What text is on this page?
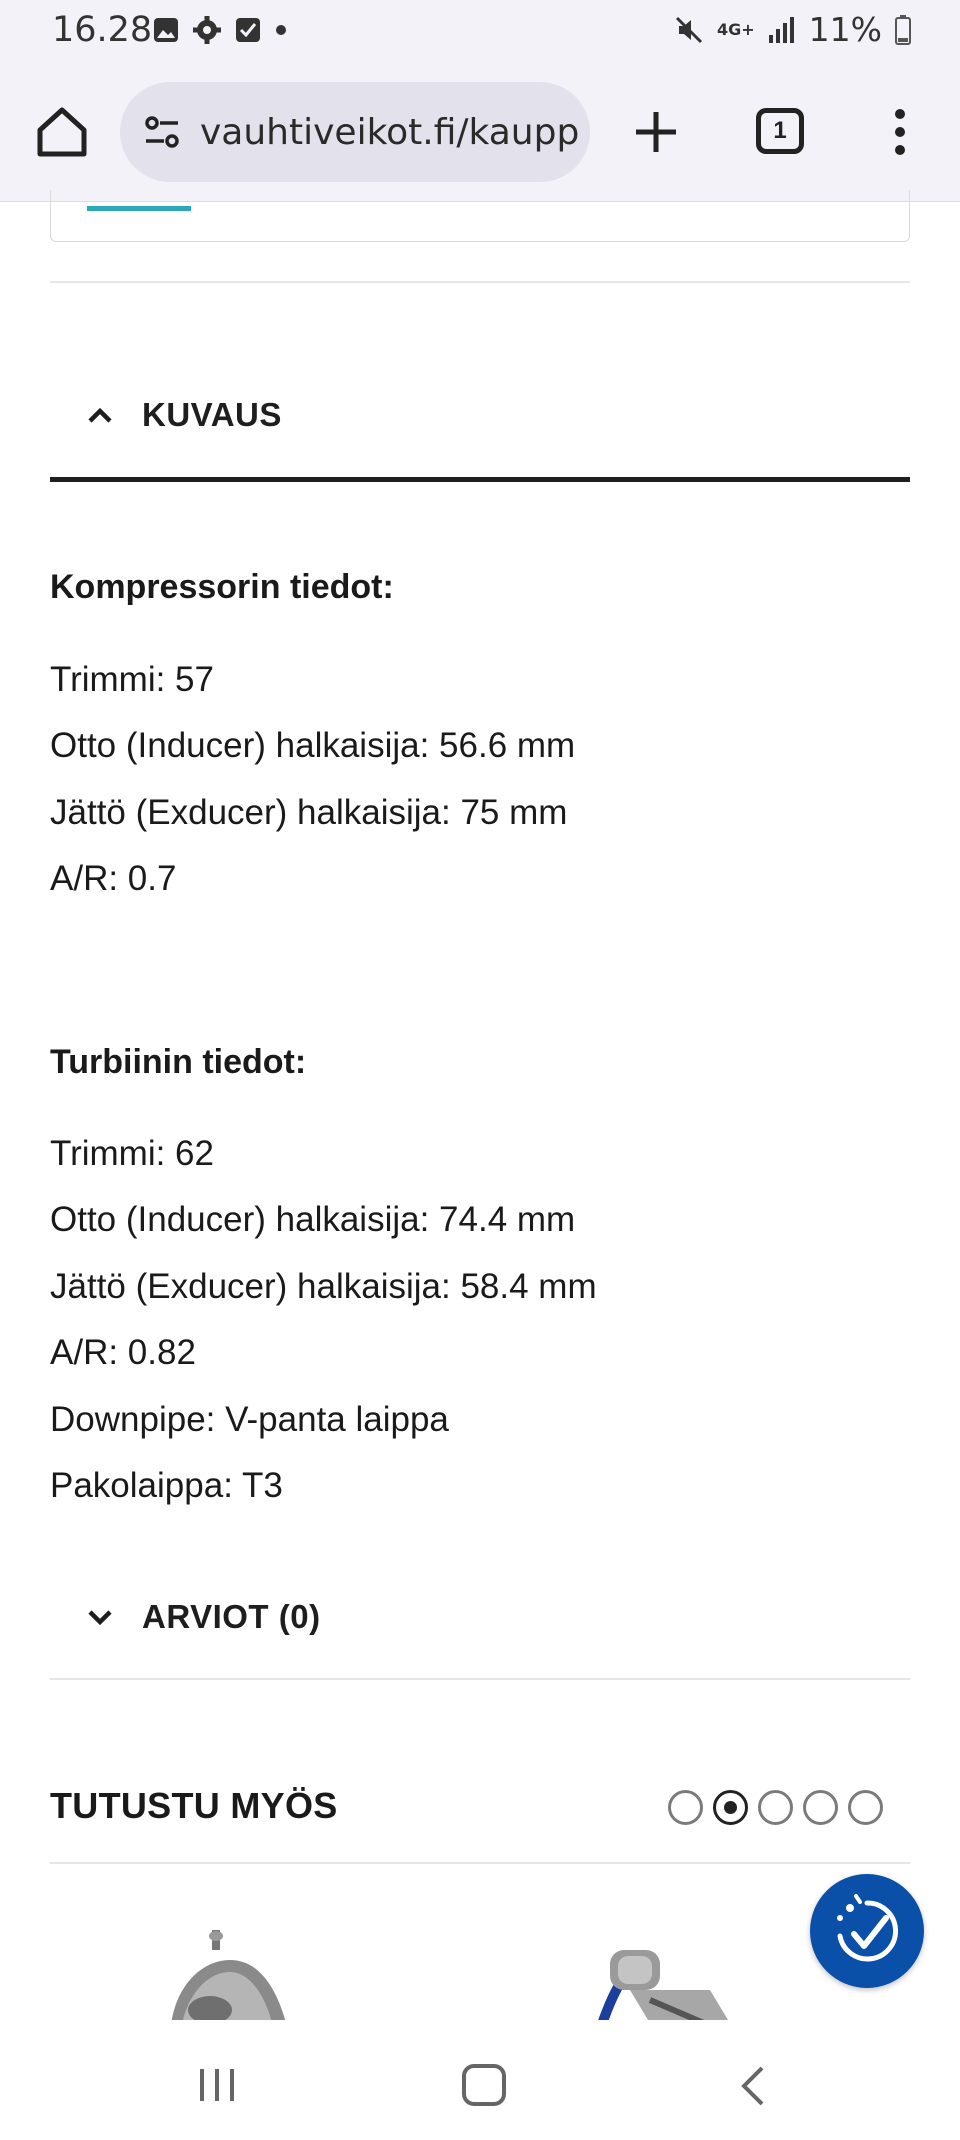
16.28	4G+ 11%
vauhtiveikot.fi/kaupp	1
KUVAUS
Kompressorin tiedot:
Trimmi: 57
Otto (Inducer) halkaisija: 56.6 mm
Jättö (Exducer) halkaisija: 75 mm
A/R: 0.7
Turbiinin tiedot:
Trimmi: 62
Otto (Inducer) halkaisija: 74.4 mm
Jättö (Exducer) halkaisija: 58.4 mm
A/R: 0.82
Downpipe: V-panta laippa
Pakolaippa: T3
ARVIOT (0)
TUTUSTU MYÖS
